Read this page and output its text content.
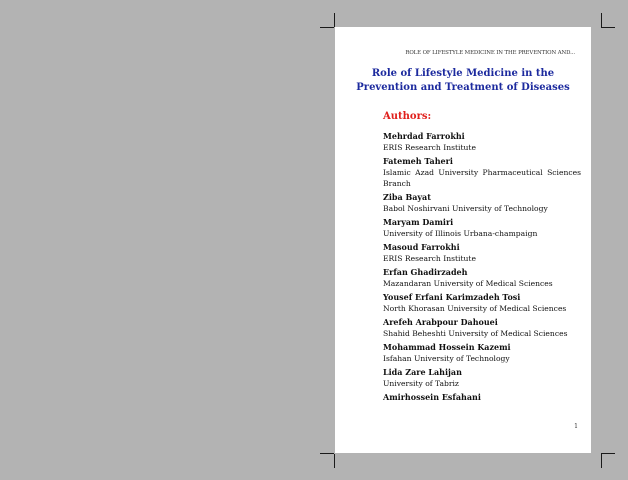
ROLE OF LIFESTYLE MEDICINE IN THE PREVENTION AND...
Role of Lifestyle Medicine in the Prevention and Treatment of Diseases
Authors:
Mehrdad Farrokhi
ERIS Research Institute
Fatemeh Taheri
Islamic Azad University Pharmaceutical Sciences Branch
Ziba Bayat
Babol Noshirvani University of Technology
Maryam Damiri
University of Illinois Urbana-champaign
Masoud Farrokhi
ERIS Research Institute
Erfan Ghadirzadeh
Mazandaran University of Medical Sciences
Yousef Erfani Karimzadeh Tosi
North Khorasan University of Medical Sciences
Arefeh Arabpour Dahouei
Shahid Beheshti University of Medical Sciences
Mohammad Hossein Kazemi
Isfahan University of Technology
Lida Zare Lahijan
University of Tabriz
Amirhossein Esfahani
1
